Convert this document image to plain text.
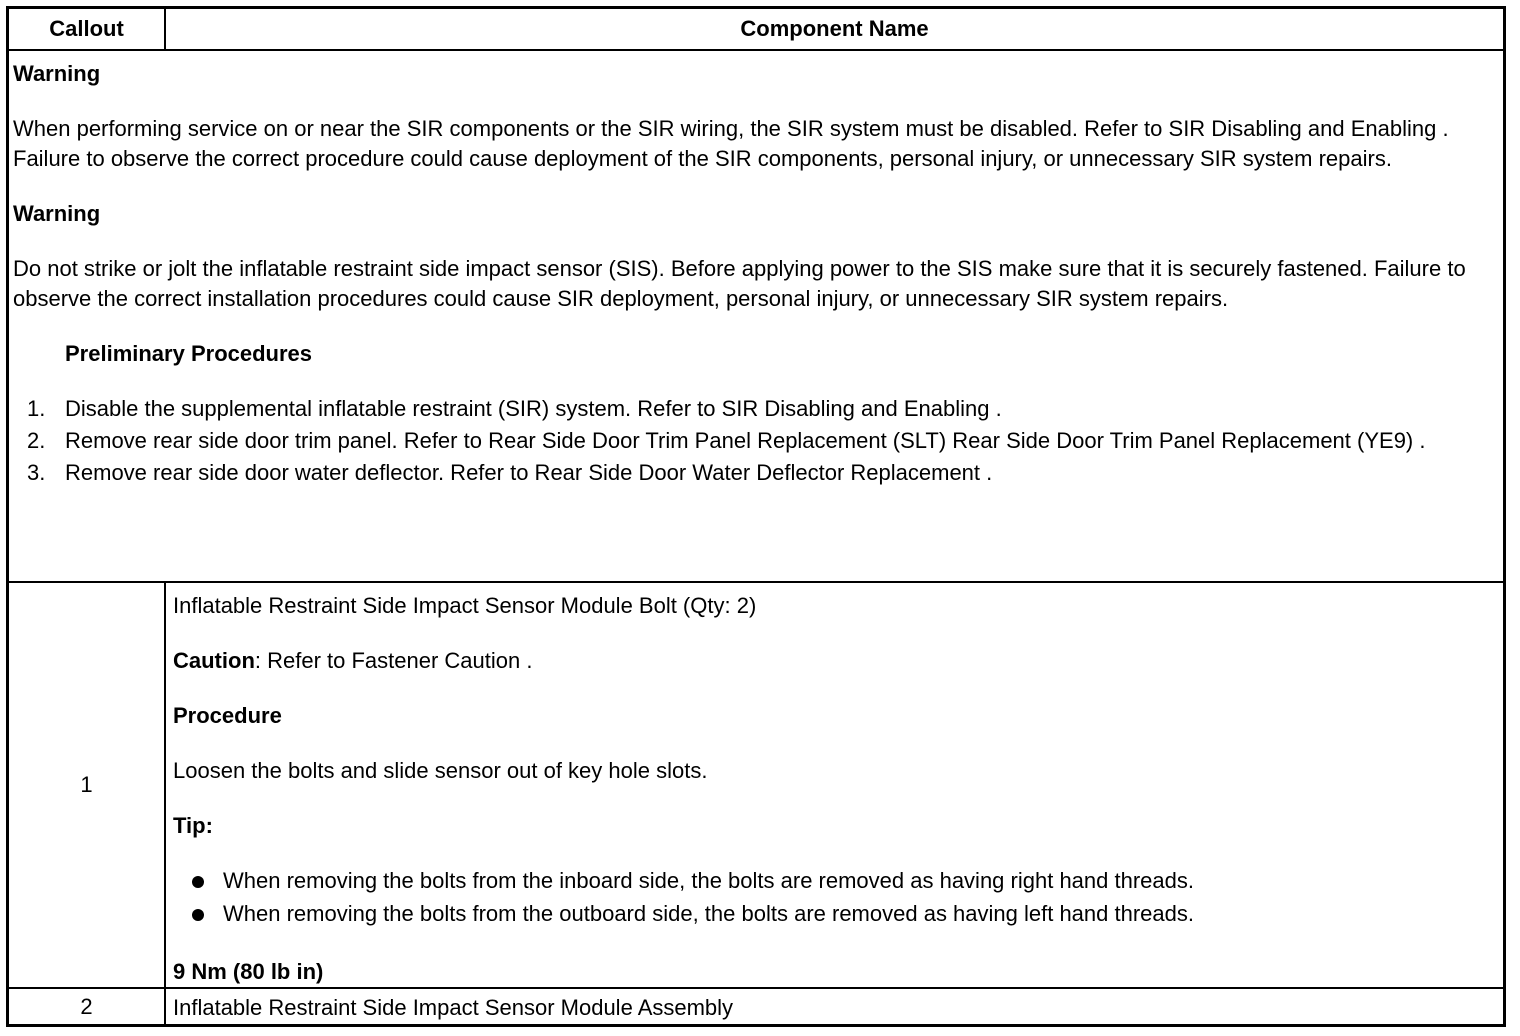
Callout	Component Name

Warning

When performing service on or near the SIR components or the SIR wiring, the SIR system must be disabled. Refer to SIR Disabling and Enabling . Failure to observe the correct procedure could cause deployment of the SIR components, personal injury, or unnecessary SIR system repairs.

Warning

Do not strike or jolt the inflatable restraint side impact sensor (SIS). Before applying power to the SIS make sure that it is securely fastened. Failure to observe the correct installation procedures could cause SIR deployment, personal injury, or unnecessary SIR system repairs.

Preliminary Procedures

1. Disable the supplemental inflatable restraint (SIR) system. Refer to SIR Disabling and Enabling .
2. Remove rear side door trim panel. Refer to Rear Side Door Trim Panel Replacement (SLT) Rear Side Door Trim Panel Replacement (YE9) .
3. Remove rear side door water deflector. Refer to Rear Side Door Water Deflector Replacement .
1

Inflatable Restraint Side Impact Sensor Module Bolt (Qty: 2)

Caution: Refer to Fastener Caution .

Procedure

Loosen the bolts and slide sensor out of key hole slots.

Tip:

When removing the bolts from the inboard side, the bolts are removed as having right hand threads.
When removing the bolts from the outboard side, the bolts are removed as having left hand threads.

9 Nm (80 lb in)

2	Inflatable Restraint Side Impact Sensor Module Assembly
